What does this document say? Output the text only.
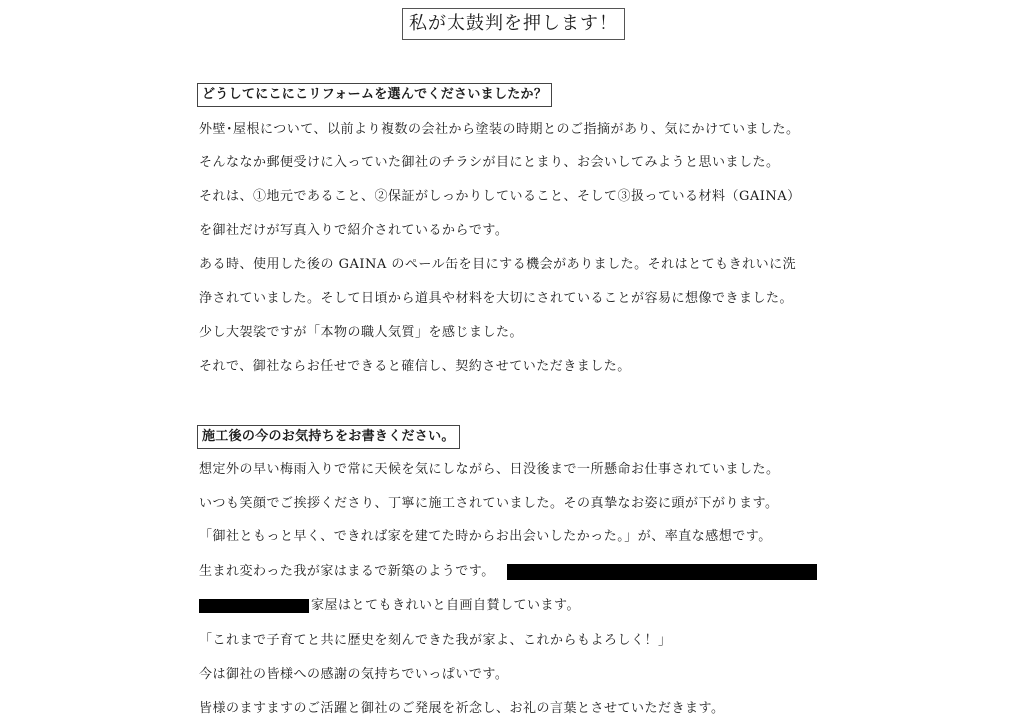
私が太鼓判を押します！
どうしてにこにこリフォームを選んでくださいましたか？
外壁･屋根について、以前より複数の会社から塗装の時期とのご指摘があり、気にかけていました。
そんななか郵便受けに入っていた御社のチラシが目にとまり、お会いしてみようと思いました。
それは、①地元であること、②保証がしっかりしていること、そして③扱っている材料（GAINA）
を御社だけが写真入りで紹介されているからです。
ある時、使用した後の GAINA のペール缶を目にする機会がありました。それはとてもきれいに洗
浄されていました。そして日頃から道具や材料を大切にされていることが容易に想像できました。
少し大袈裟ですが「本物の職人気質」を感じました。
それで、御社ならお任せできると確信し、契約させていただきました。
施工後の今のお気持ちをお書きください。
想定外の早い梅雨入りで常に天候を気にしながら、日没後まで一所懸命お仕事されていました。
いつも笑顔でご挨拶くださり、丁寧に施工されていました。その真摯なお姿に頭が下がります。
「御社ともっと早く、できれば家を建てた時からお出会いしたかった。」が、率直な感想です。
生まれ変わった我が家はまるで新築のようです。
家屋はとてもきれいと自画自賛しています。
「これまで子育てと共に歴史を刻んできた我が家よ、これからもよろしく！」
今は御社の皆様への感謝の気持ちでいっぱいです。
皆様のますますのご活躍と御社のご発展を祈念し、お礼の言葉とさせていただきます。
